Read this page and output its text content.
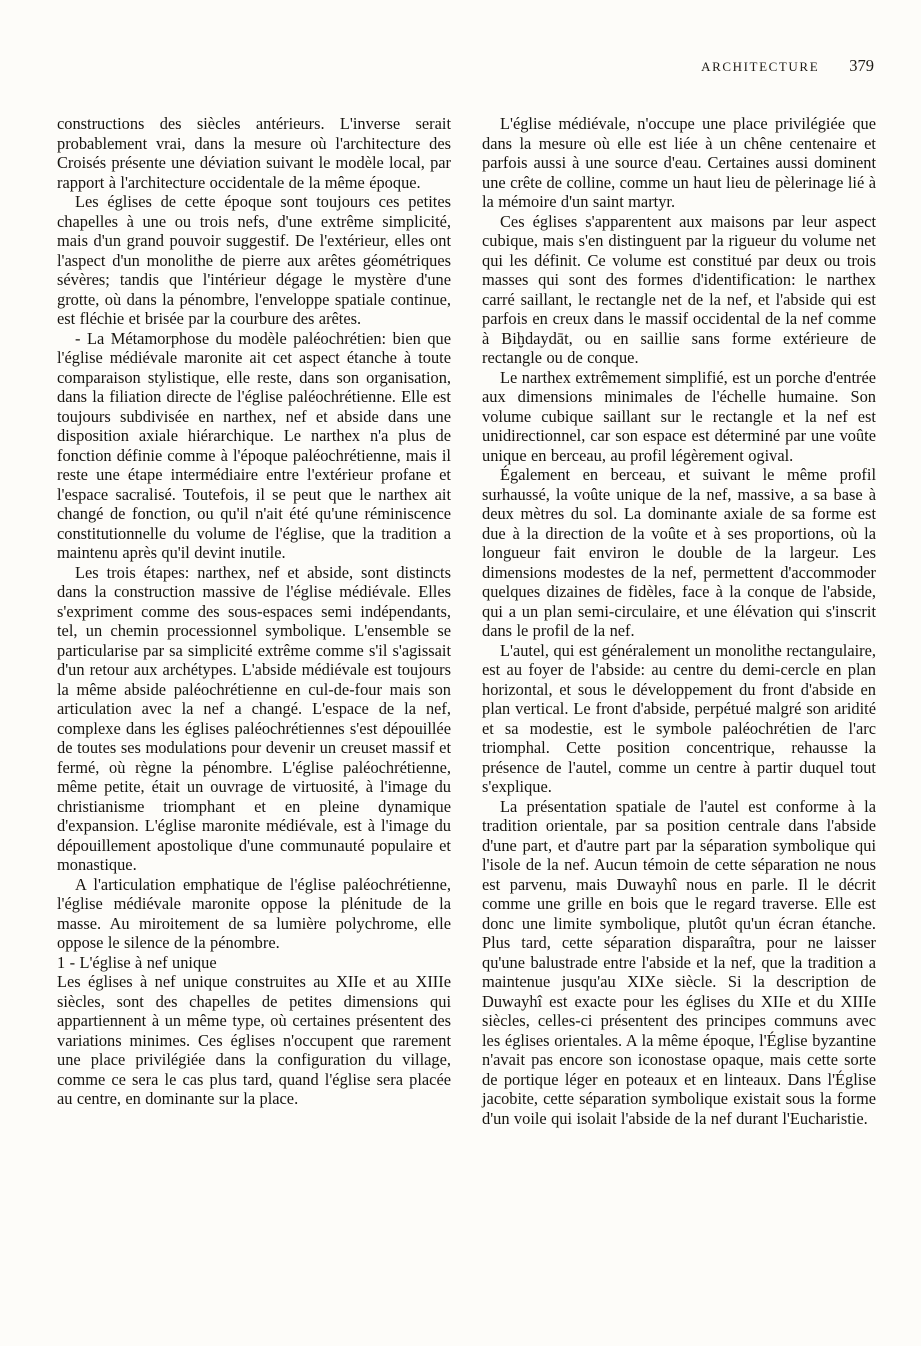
ARCHITECTURE 379

constructions des siècles antérieurs. L'inverse serait probablement vrai, dans la mesure où l'architecture des Croisés présente une déviation suivant le modèle local, par rapport à l'architecture occidentale de la même époque.

Les églises de cette époque sont toujours ces petites chapelles à une ou trois nefs, d'une extrême simplicité, mais d'un grand pouvoir suggestif. De l'extérieur, elles ont l'aspect d'un monolithe de pierre aux arêtes géométriques sévères; tandis que l'intérieur dégage le mystère d'une grotte, où dans la pénombre, l'enveloppe spatiale continue, est fléchie et brisée par la courbure des arêtes.

- La Métamorphose du modèle paléochrétien: bien que l'église médiévale maronite ait cet aspect étanche à toute comparaison stylistique, elle reste, dans son organisation, dans la filiation directe de l'église paléochrétienne. Elle est toujours subdivisée en narthex, nef et abside dans une disposition axiale hiérarchique. Le narthex n'a plus de fonction définie comme à l'époque paléochrétienne, mais il reste une étape intermédiaire entre l'extérieur profane et l'espace sacralisé. Toutefois, il se peut que le narthex ait changé de fonction, ou qu'il n'ait été qu'une réminiscence constitutionnelle du volume de l'église, que la tradition a maintenu après qu'il devint inutile.

Les trois étapes: narthex, nef et abside, sont distincts dans la construction massive de l'église médiévale. Elles s'expriment comme des sous-espaces semi indépendants, tel, un chemin processionnel symbolique. L'ensemble se particularise par sa simplicité extrême comme s'il s'agissait d'un retour aux archétypes. L'abside médiévale est toujours la même abside paléochrétienne en cul-de-four mais son articulation avec la nef a changé. L'espace de la nef, complexe dans les églises paléochrétiennes s'est dépouillée de toutes ses modulations pour devenir un creuset massif et fermé, où règne la pénombre. L'église paléochrétienne, même petite, était un ouvrage de virtuosité, à l'image du christianisme triomphant et en pleine dynamique d'expansion. L'église maronite médiévale, est à l'image du dépouillement apostolique d'une communauté populaire et monastique.

A l'articulation emphatique de l'église paléochrétienne, l'église médiévale maronite oppose la plénitude de la masse. Au miroitement de sa lumière polychrome, elle oppose le silence de la pénombre.

1 - L'église à nef unique

Les églises à nef unique construites au XIIe et au XIIIe siècles, sont des chapelles de petites dimensions qui appartiennent à un même type, où certaines présentent des variations minimes. Ces églises n'occupent que rarement une place privilégiée dans la configuration du village, comme ce sera le cas plus tard, quand l'église sera placée au centre, en dominante sur la place.

L'église médiévale, n'occupe une place privilégiée que dans la mesure où elle est liée à un chêne centenaire et parfois aussi à une source d'eau. Certaines aussi dominent une crête de colline, comme un haut lieu de pèlerinage lié à la mémoire d'un saint martyr.

Ces églises s'apparentent aux maisons par leur aspect cubique, mais s'en distinguent par la rigueur du volume net qui les définit. Ce volume est constitué par deux ou trois masses qui sont des formes d'identification: le narthex carré saillant, le rectangle net de la nef, et l'abside qui est parfois en creux dans le massif occidental de la nef comme à Biḫdaydāt, ou en saillie sans forme extérieure de rectangle ou de conque.

Le narthex extrêmement simplifié, est un porche d'entrée aux dimensions minimales de l'échelle humaine. Son volume cubique saillant sur le rectangle et la nef est unidirectionnel, car son espace est déterminé par une voûte unique en berceau, au profil légèrement ogival.

Également en berceau, et suivant le même profil surhaussé, la voûte unique de la nef, massive, a sa base à deux mètres du sol. La dominante axiale de sa forme est due à la direction de la voûte et à ses proportions, où la longueur fait environ le double de la largeur. Les dimensions modestes de la nef, permettent d'accommoder quelques dizaines de fidèles, face à la conque de l'abside, qui a un plan semi-circulaire, et une élévation qui s'inscrit dans le profil de la nef.

L'autel, qui est généralement un monolithe rectangulaire, est au foyer de l'abside: au centre du demi-cercle en plan horizontal, et sous le développement du front d'abside en plan vertical. Le front d'abside, perpétué malgré son aridité et sa modestie, est le symbole paléochrétien de l'arc triomphal. Cette position concentrique, rehausse la présence de l'autel, comme un centre à partir duquel tout s'explique.

La présentation spatiale de l'autel est conforme à la tradition orientale, par sa position centrale dans l'abside d'une part, et d'autre part par la séparation symbolique qui l'isole de la nef. Aucun témoin de cette séparation ne nous est parvenu, mais Duwayhî nous en parle. Il le décrit comme une grille en bois que le regard traverse. Elle est donc une limite symbolique, plutôt qu'un écran étanche. Plus tard, cette séparation disparaîtra, pour ne laisser qu'une balustrade entre l'abside et la nef, que la tradition a maintenue jusqu'au XIXe siècle. Si la description de Duwayhî est exacte pour les églises du XIIe et du XIIIe siècles, celles-ci présentent des principes communs avec les églises orientales. A la même époque, l'Église byzantine n'avait pas encore son iconostase opaque, mais cette sorte de portique léger en poteaux et en linteaux. Dans l'Église jacobite, cette séparation symbolique existait sous la forme d'un voile qui isolait l'abside de la nef durant l'Eucharistie.
